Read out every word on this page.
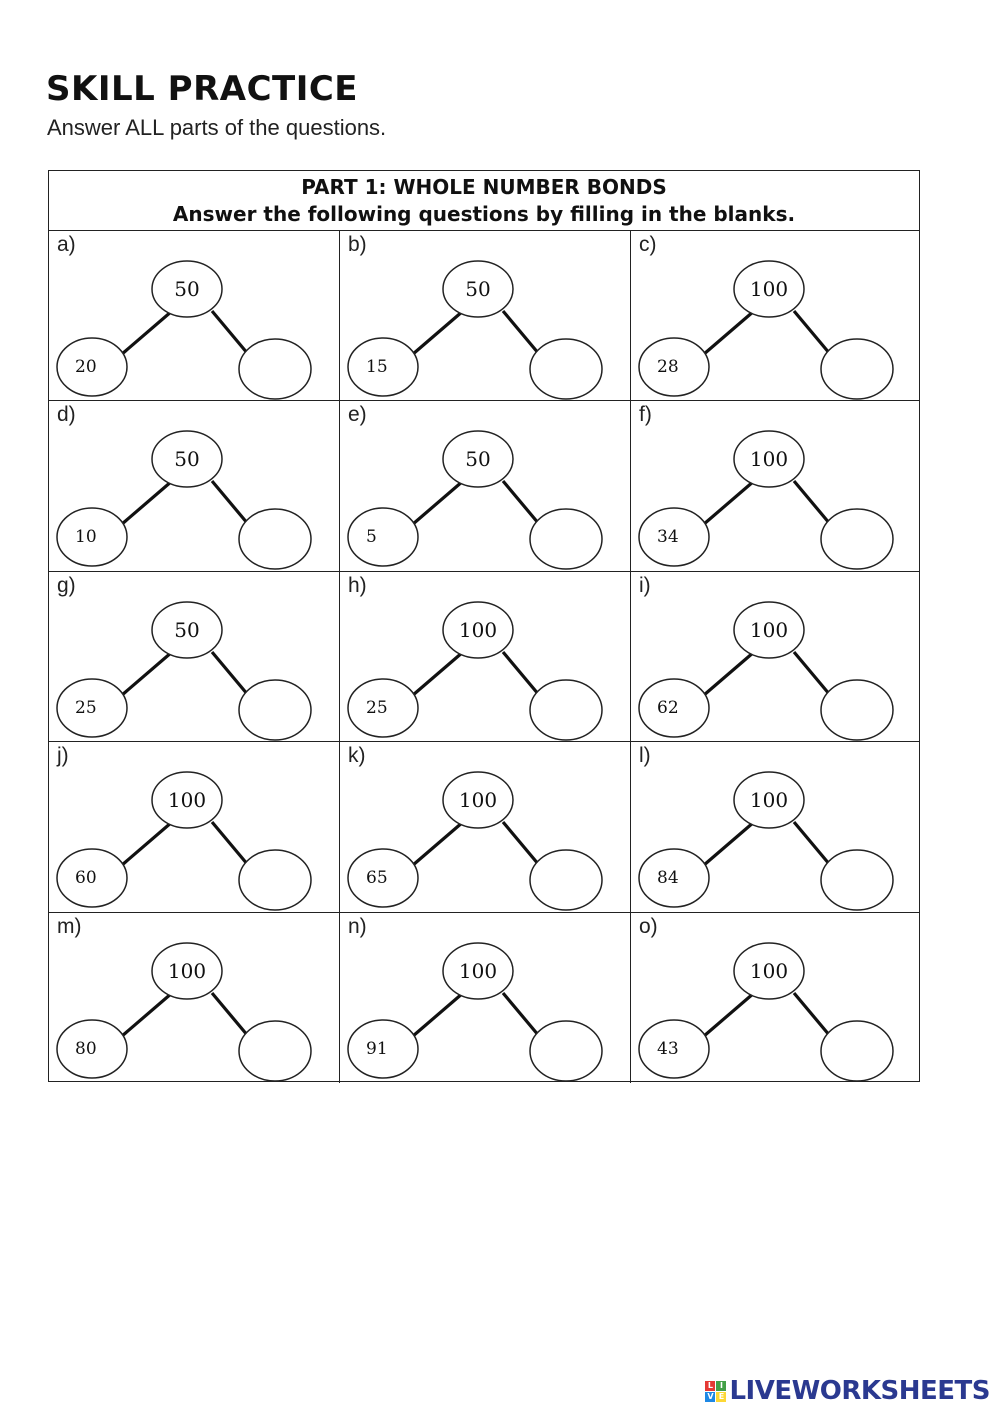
SKILL PRACTICE
Answer ALL parts of the questions.
PART 1: WHOLE NUMBER BONDS
Answer the following questions by filling in the blanks.
a)
50
20
b)
50
15
c)
100
28
d)
50
10
e)
50
5
f)
100
34
g)
50
25
h)
100
25
i)
100
62
j)
100
60
k)
100
65
l)
100
84
m)
100
80
n)
100
91
o)
100
43
L I
V E LIVEWORKSHEETS
